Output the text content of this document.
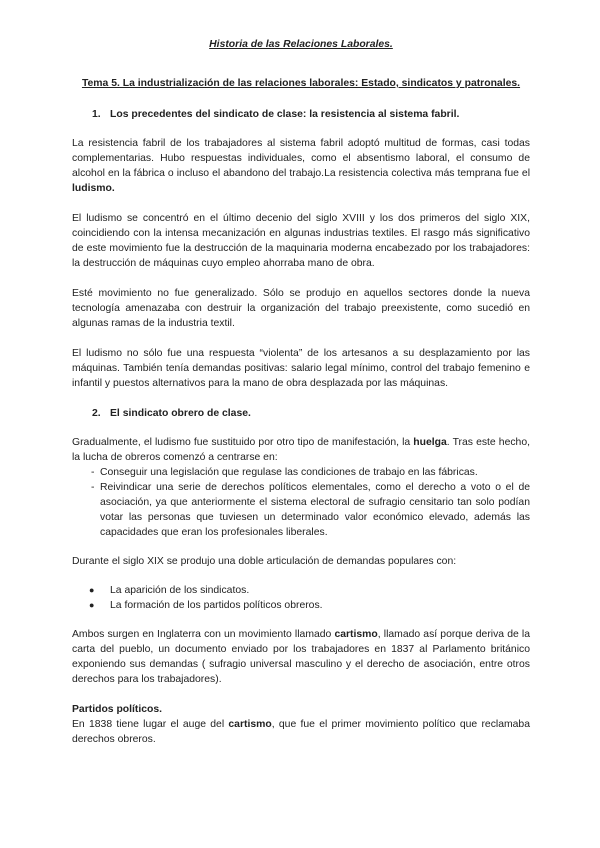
Historia de las Relaciones Laborales.
Tema 5. La industrialización de las relaciones laborales: Estado, sindicatos y patronales.
1. Los precedentes del sindicato de clase: la resistencia al sistema fabril.

La resistencia fabril de los trabajadores al sistema fabril adoptó multitud de formas, casi todas complementarias. Hubo respuestas individuales, como el absentismo laboral, el consumo de alcohol en la fábrica o incluso el abandono del trabajo.La resistencia colectiva más temprana fue el ludismo.

El ludismo se concentró en el último decenio del siglo XVIII y los dos primeros del siglo XIX, coincidiendo con la intensa mecanización en algunas industrias textiles. El rasgo más significativo de este movimiento fue la destrucción de la maquinaria moderna encabezado por los trabajadores: la destrucción de máquinas cuyo empleo ahorraba mano de obra.

Esté movimiento no fue generalizado. Sólo se produjo en aquellos sectores donde la nueva tecnología amenazaba con destruir la organización del trabajo preexistente, como sucedió en algunas ramas de la industria textil.

El ludismo no sólo fue una respuesta “violenta” de los artesanos a su desplazamiento por las máquinas. También tenía demandas positivas: salario legal mínimo, control del trabajo femenino e infantil y puestos alternativos para la mano de obra desplazada por las máquinas.

2. El sindicato obrero de clase.

Gradualmente, el ludismo fue sustituido por otro tipo de manifestación, la huelga. Tras este hecho, la lucha de obreros comenzó a centrarse en:

- Conseguir una legislación que regulase las condiciones de trabajo en las fábricas.
- Reivindicar una serie de derechos políticos elementales, como el derecho a voto o el de asociación, ya que anteriormente el sistema electoral de sufragio censitario tan solo podían votar las personas que tuviesen un determinado valor económico elevado, además las capacidades que eran los profesionales liberales.

Durante el siglo XIX se produjo una doble articulación de demandas populares con:

● La aparición de los sindicatos.
● La formación de los partidos políticos obreros.

Ambos surgen en Inglaterra con un movimiento llamado cartismo, llamado así porque deriva de la carta del pueblo, un documento enviado por los trabajadores en 1837 al Parlamento británico exponiendo sus demandas ( sufragio universal masculino y el derecho de asociación, entre otros derechos para los trabajadores).

Partidos políticos.

En 1838 tiene lugar el auge del cartismo, que fue el primer movimiento político que reclamaba derechos obreros.
